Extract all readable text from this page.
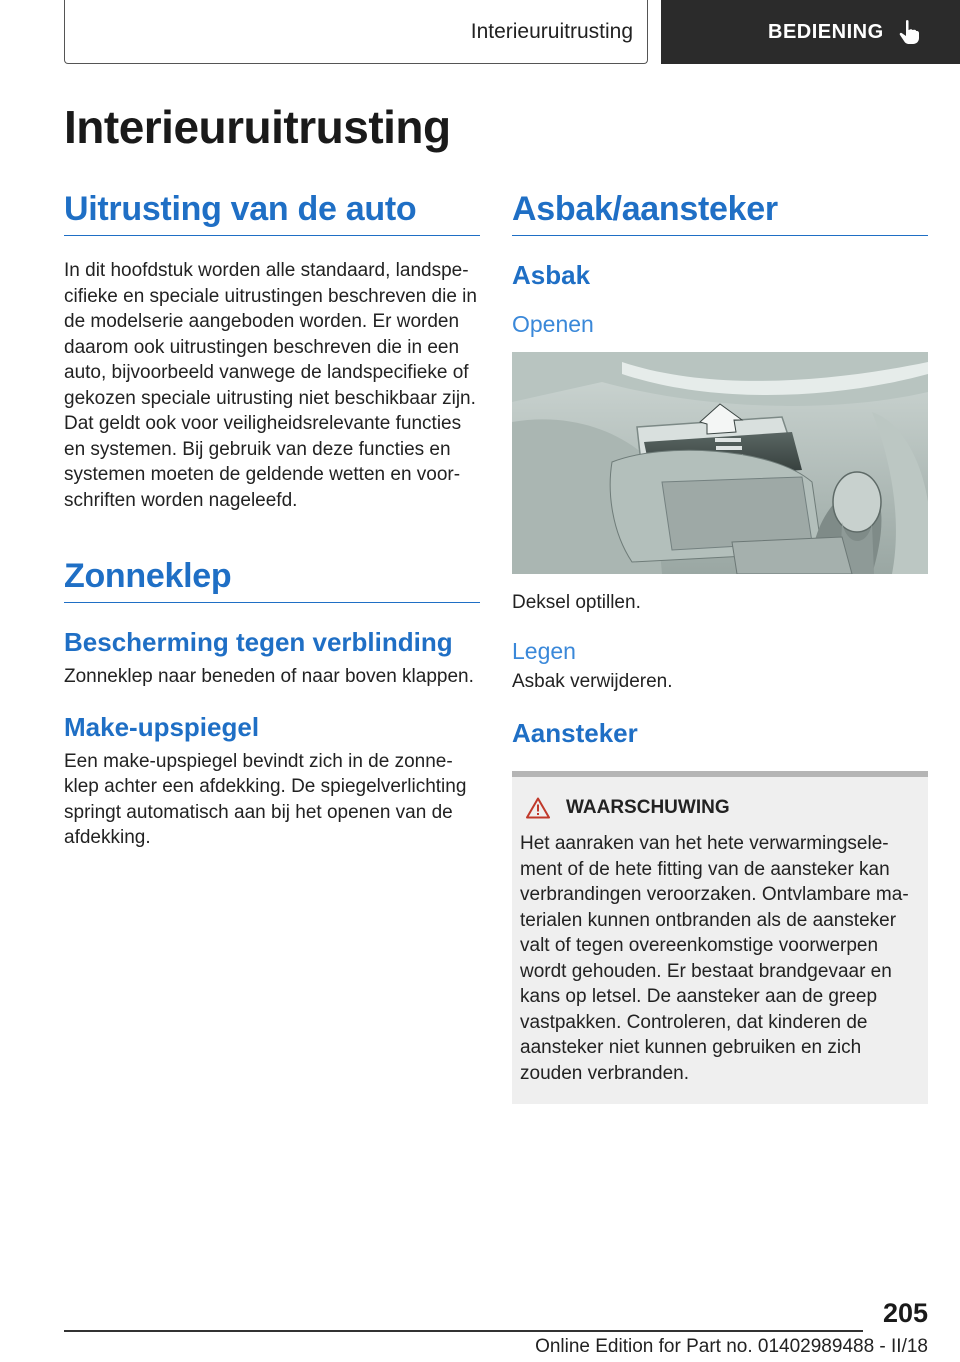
Interieuruitrusting	BEDIENING
Interieuruitrusting
Uitrusting van de auto

In dit hoofdstuk worden alle standaard, landspecifieke en speciale uitrustingen beschreven die in de modelserie aangeboden worden. Er worden daarom ook uitrustingen beschreven die in een auto, bijvoorbeeld vanwege de landspecifieke of gekozen speciale uitrusting niet beschikbaar zijn. Dat geldt ook voor veiligheidsrelevante functies en systemen. Bij gebruik van deze functies en systemen moeten de geldende wetten en voorschriften worden nageleefd.

Zonneklep
Bescherming tegen verblinding

Zonneklep naar beneden of naar boven klappen.

Make-upspiegel

Een make-upspiegel bevindt zich in de zonneklep achter een afdekking. De spiegelverlichting springt automatisch aan bij het openen van de afdekking.

Asbak/aansteker
Asbak
Openen

Deksel optillen.

Legen

Asbak verwijderen.

Aansteker
WAARSCHUWING

Het aanraken van het hete verwarmingselement of de hete fitting van de aansteker kan verbrandingen veroorzaken. Ontvlambare materialen kunnen ontbranden als de aansteker valt of tegen overeenkomstige voorwerpen wordt gehouden. Er bestaat brandgevaar en kans op letsel. De aansteker aan de greep vastpakken. Controleren, dat kinderen de aansteker niet kunnen gebruiken en zich zouden verbranden.

205
Online Edition for Part no. 01402989488 - II/18
